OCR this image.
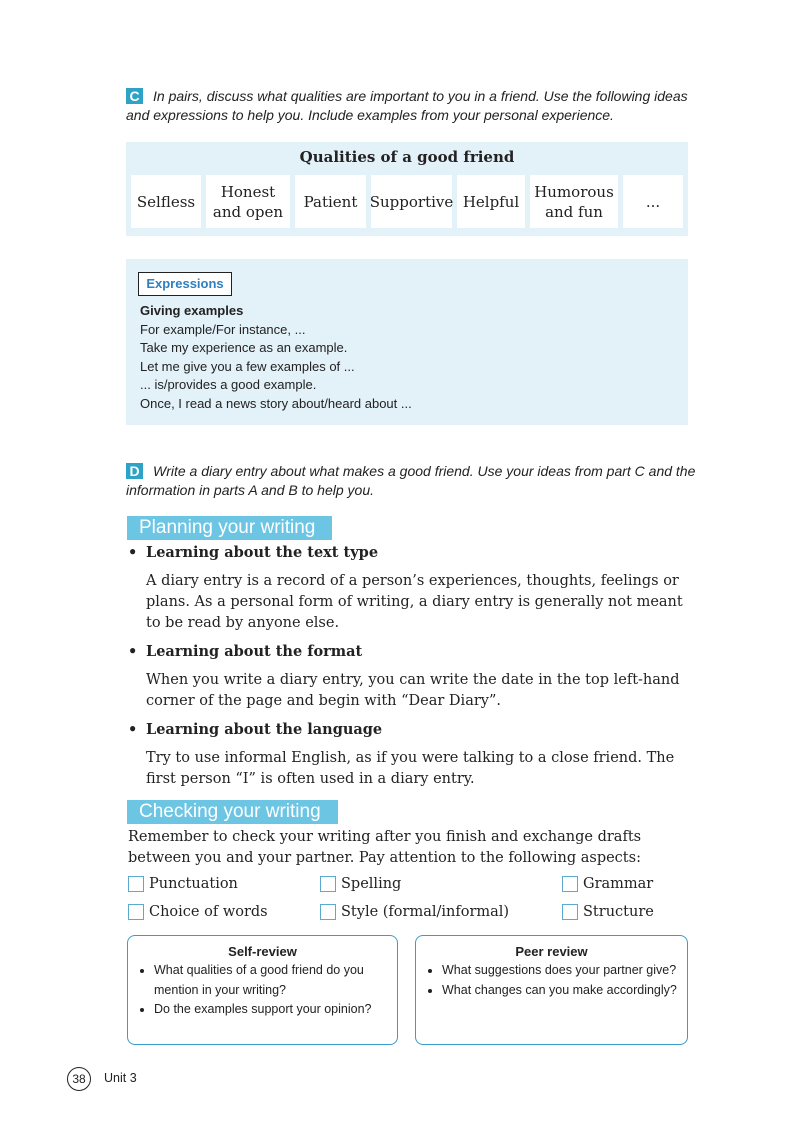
C In pairs, discuss what qualities are important to you in a friend. Use the following ideas
and expressions to help you. Include examples from your personal experience.
Qualities of a good friend
Selfless
Honest and open
Patient Supportive Helpful
Humorous and fun
...
Expressions
Giving examples
For example/For instance, ...
Take my experience as an example.
Let me give you a few examples of ...
... is/provides a good example.
Once, I read a news story about/heard about ...
D Write a diary entry about what makes a good friend. Use your ideas from part C and the
information in parts A and B to help you.
Planning your writing
• Learning about the text type
A diary entry is a record of a person’s experiences, thoughts, feelings or plans. As a personal form of writing, a diary entry is generally not meant to be read by anyone else.
• Learning about the format
When you write a diary entry, you can write the date in the top left-hand corner of the page and begin with “Dear Diary”.
• Learning about the language
Try to use informal English, as if you were talking to a close friend. The first person “I” is often used in a diary entry.
Checking your writing
Remember to check your writing after you finish and exchange drafts between you and your partner. Pay attention to the following aspects:
Punctuation	Spelling	Grammar
Choice of words	Style (formal/informal)	Structure
Self-review
• What qualities of a good friend do you mention in your writing?
• Do the examples support your opinion?
Peer review
• What suggestions does your partner give?
• What changes can you make accordingly?
38	Unit 3
